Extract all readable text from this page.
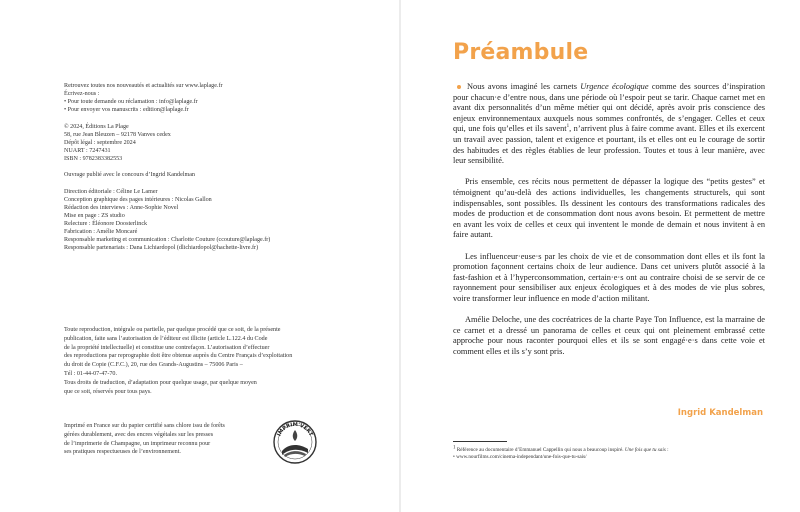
Retrouvez toutes nos nouveautés et actualités sur www.laplage.fr

Écrivez-nous :

• Pour toute demande ou réclamation : info@laplage.fr

• Pour envoyer vos manuscrits : edition@laplage.fr

© 2024, Éditions La Plage

58, rue Jean Bleuzen – 92178 Vanves cedex

Dépôt légal : septembre 2024

NUART : 7247431

ISBN : 9782383382553

Ouvrage publié avec le concours d’Ingrid Kandelman

Direction éditoriale : Céline Le Lamer

Conception graphique des pages intérieures : Nicolas Gallon

Rédaction des interviews : Anne-Sophie Novel

Mise en page : ZS studio

Relecture : Éléonore Doosterlinck

Fabrication : Amélie Moncaré

Responsable marketing et communication : Charlotte Couture (ccouture@laplage.fr)

Responsable partenariats : Dana Lichiardopol (dlichiardopol@hachette-livre.fr)

Toute reproduction, intégrale ou partielle, par quelque procédé que ce soit, de la présente

publication, faite sans l’autorisation de l’éditeur est illicite (article L.122.4 du Code

de la propriété intellectuelle) et constitue une contrefaçon. L’autorisation d’effectuer

des reproductions par reprographie doit être obtenue auprès du Centre Français d’exploitation

du droit de Copie (C.F.C.), 20, rue des Grands-Augustins – 75006 Paris –

Tél : 01-44-07-47-70.

Tous droits de traduction, d’adaptation pour quelque usage, par quelque moyen

que ce soit, réservés pour tous pays.

Imprimé en France sur du papier certifié sans chlore issu de forêts

gérées durablement, avec des encres végétales sur les presses

de l’imprimerie de Champagne, un imprimeur reconnu pour

ses pratiques respectueuses de l’environnement.

IMPRIM'VERT
Préambule

Nous avons imaginé les carnets Urgence écologique comme des sources d’inspiration pour chacun·e d’entre nous, dans une période où l’espoir peut se tarir. Chaque carnet met en avant dix personnalités d’un même métier qui ont décidé, après avoir pris conscience des enjeux environnementaux auxquels nous sommes confrontés, de s’engager. Celles et ceux qui, une fois qu’elles et ils savent$^1$, n’arrivent plus à faire comme avant. Elles et ils exercent un travail avec passion, talent et exigence et pourtant, ils et elles ont eu le courage de sortir des habitudes et des règles établies de leur profession. Toutes et tous à leur manière, avec leur sensibilité.

Pris ensemble, ces récits nous permettent de dépasser la logique des “petits gestes” et témoignent qu’au-delà des actions individuelles, les changements structurels, qui sont indispensables, sont possibles. Ils dessinent les contours des transformations radicales des modes de production et de consommation dont nous avons besoin. Et permettent de mettre en avant les voix de celles et ceux qui inventent le monde de demain et nous invitent à en faire autant.

Les influenceur·euse·s par les choix de vie et de consommation dont elles et ils font la promotion façonnent certains choix de leur audience. Dans cet univers plutôt associé à la fast-fashion et à l’hyperconsommation, certain·e·s ont au contraire choisi de se servir de ce rayonnement pour sensibiliser aux enjeux écologiques et à des modes de vie plus sobres, voire transformer leur influence en mode d’action militant.

Amélie Deloche, une des cocréatrices de la charte Paye Ton Influence, est la marraine de ce carnet et a dressé un panorama de celles et ceux qui ont pleinement embrassé cette approche pour nous raconter pourquoi elles et ils se sont engagé·e·s dans cette voie et comment elles et ils s’y sont pris.

Ingrid Kandelman

$^1$ Référence au documentaire d’Emmanuel Cappellin qui nous a beaucoup inspiré. Une fois que tu sais :

• www.nourfilms.com/cinema-independant/une-fois-que-tu-sais/
